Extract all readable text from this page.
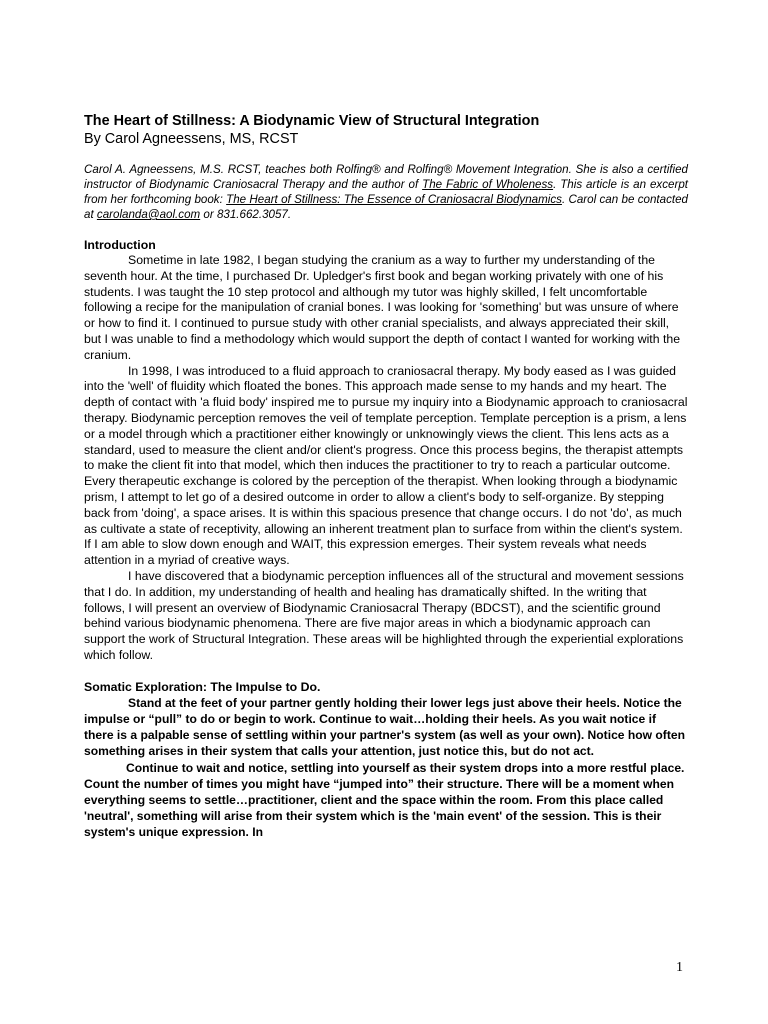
The Heart of Stillness: A Biodynamic View of Structural Integration

By Carol Agneessens, MS, RCST

Carol A. Agneessens, M.S. RCST, teaches both Rolfing® and Rolfing® Movement Integration. She is also a certified instructor of Biodynamic Craniosacral Therapy and the author of The Fabric of Wholeness. This article is an excerpt from her forthcoming book: The Heart of Stillness: The Essence of Craniosacral Biodynamics. Carol can be contacted at carolanda@aol.com or 831.662.3057.

Introduction

Sometime in late 1982, I began studying the cranium as a way to further my understanding of the seventh hour. At the time, I purchased Dr. Upledger's first book and began working privately with one of his students. I was taught the 10 step protocol and although my tutor was highly skilled, I felt uncomfortable following a recipe for the manipulation of cranial bones. I was looking for 'something' but was unsure of where or how to find it. I continued to pursue study with other cranial specialists, and always appreciated their skill, but I was unable to find a methodology which would support the depth of contact I wanted for working with the cranium.

In 1998, I was introduced to a fluid approach to craniosacral therapy. My body eased as I was guided into the 'well' of fluidity which floated the bones. This approach made sense to my hands and my heart. The depth of contact with 'a fluid body' inspired me to pursue my inquiry into a Biodynamic approach to craniosacral therapy. Biodynamic perception removes the veil of template perception. Template perception is a prism, a lens or a model through which a practitioner either knowingly or unknowingly views the client. This lens acts as a standard, used to measure the client and/or client's progress. Once this process begins, the therapist attempts to make the client fit into that model, which then induces the practitioner to try to reach a particular outcome. Every therapeutic exchange is colored by the perception of the therapist. When looking through a biodynamic prism, I attempt to let go of a desired outcome in order to allow a client's body to self-organize. By stepping back from 'doing', a space arises. It is within this spacious presence that change occurs. I do not 'do', as much as cultivate a state of receptivity, allowing an inherent treatment plan to surface from within the client's system. If I am able to slow down enough and WAIT, this expression emerges. Their system reveals what needs attention in a myriad of creative ways.

I have discovered that a biodynamic perception influences all of the structural and movement sessions that I do. In addition, my understanding of health and healing has dramatically shifted. In the writing that follows, I will present an overview of Biodynamic Craniosacral Therapy (BDCST), and the scientific ground behind various biodynamic phenomena. There are five major areas in which a biodynamic approach can support the work of Structural Integration. These areas will be highlighted through the experiential explorations which follow.

Somatic Exploration: The Impulse to Do.

Stand at the feet of your partner gently holding their lower legs just above their heels. Notice the impulse or “pull” to do or begin to work. Continue to wait…holding their heels. As you wait notice if there is a palpable sense of settling within your partner's system (as well as your own). Notice how often something arises in their system that calls your attention, just notice this, but do not act.

Continue to wait and notice, settling into yourself as their system drops into a more restful place. Count the number of times you might have “jumped into” their structure. There will be a moment when everything seems to settle…practitioner, client and the space within the room. From this place called 'neutral', something will arise from their system which is the 'main event' of the session. This is their system's unique expression. In

1
